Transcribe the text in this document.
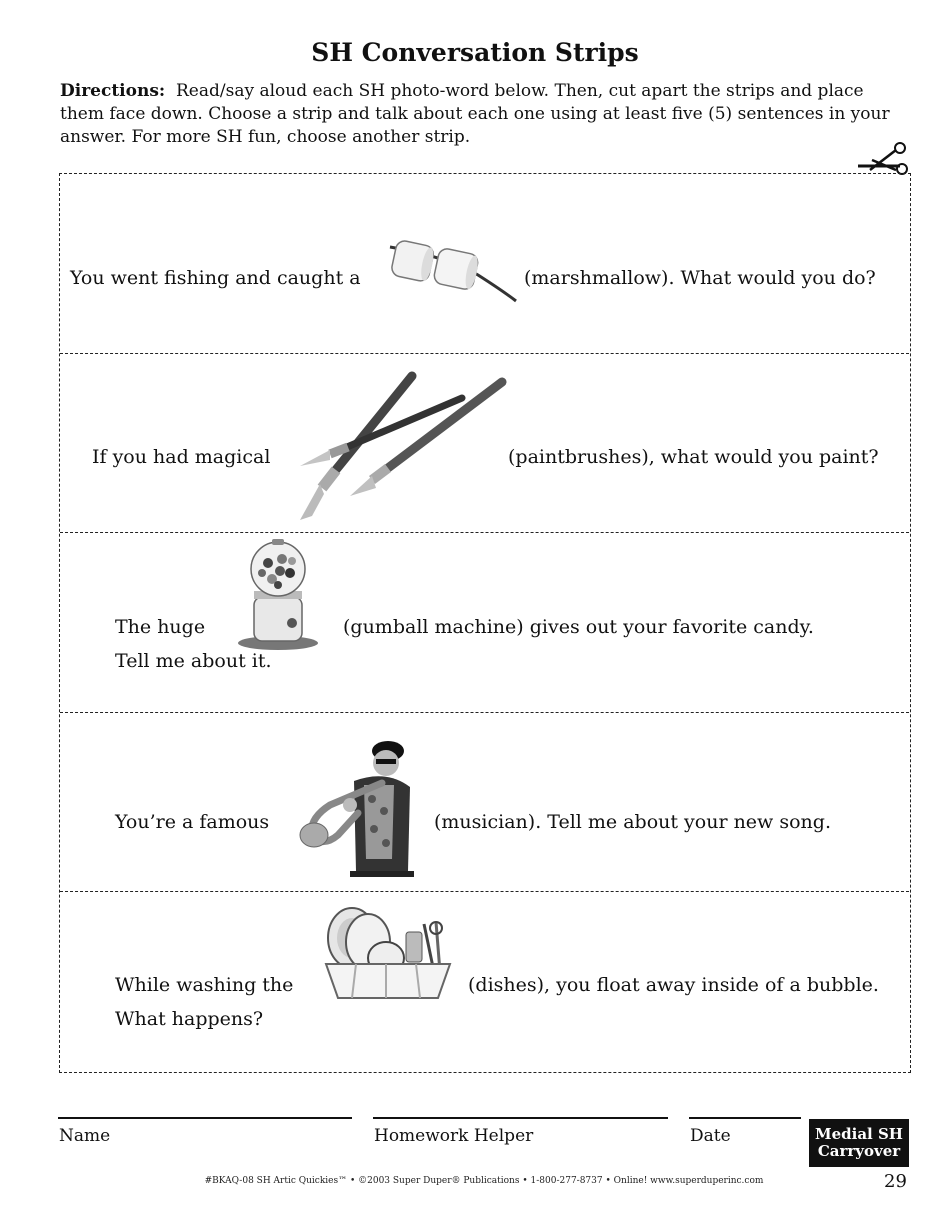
SH Conversation Strips

Directions: Read/say aloud each SH photo-word below. Then, cut apart the strips and place them face down. Choose a strip and talk about each one using at least five (5) sentences in your answer. For more SH fun, choose another strip.

You went fishing and caught a	(marshmallow). What would you do?
If you had magical	(paintbrushes), what would you paint?
The huge	(gumball machine) gives out your favorite candy.
Tell me about it.
You’re a famous	(musician). Tell me about your new song.
While washing the	(dishes), you float away inside of a bubble.
What happens?
Name	Homework Helper	Date	Medial SH
Carryover
#BKAQ-08 SH Artic Quickies™ • ©2003 Super Duper® Publications • 1-800-277-8737 • Online! www.superduperinc.com	29
